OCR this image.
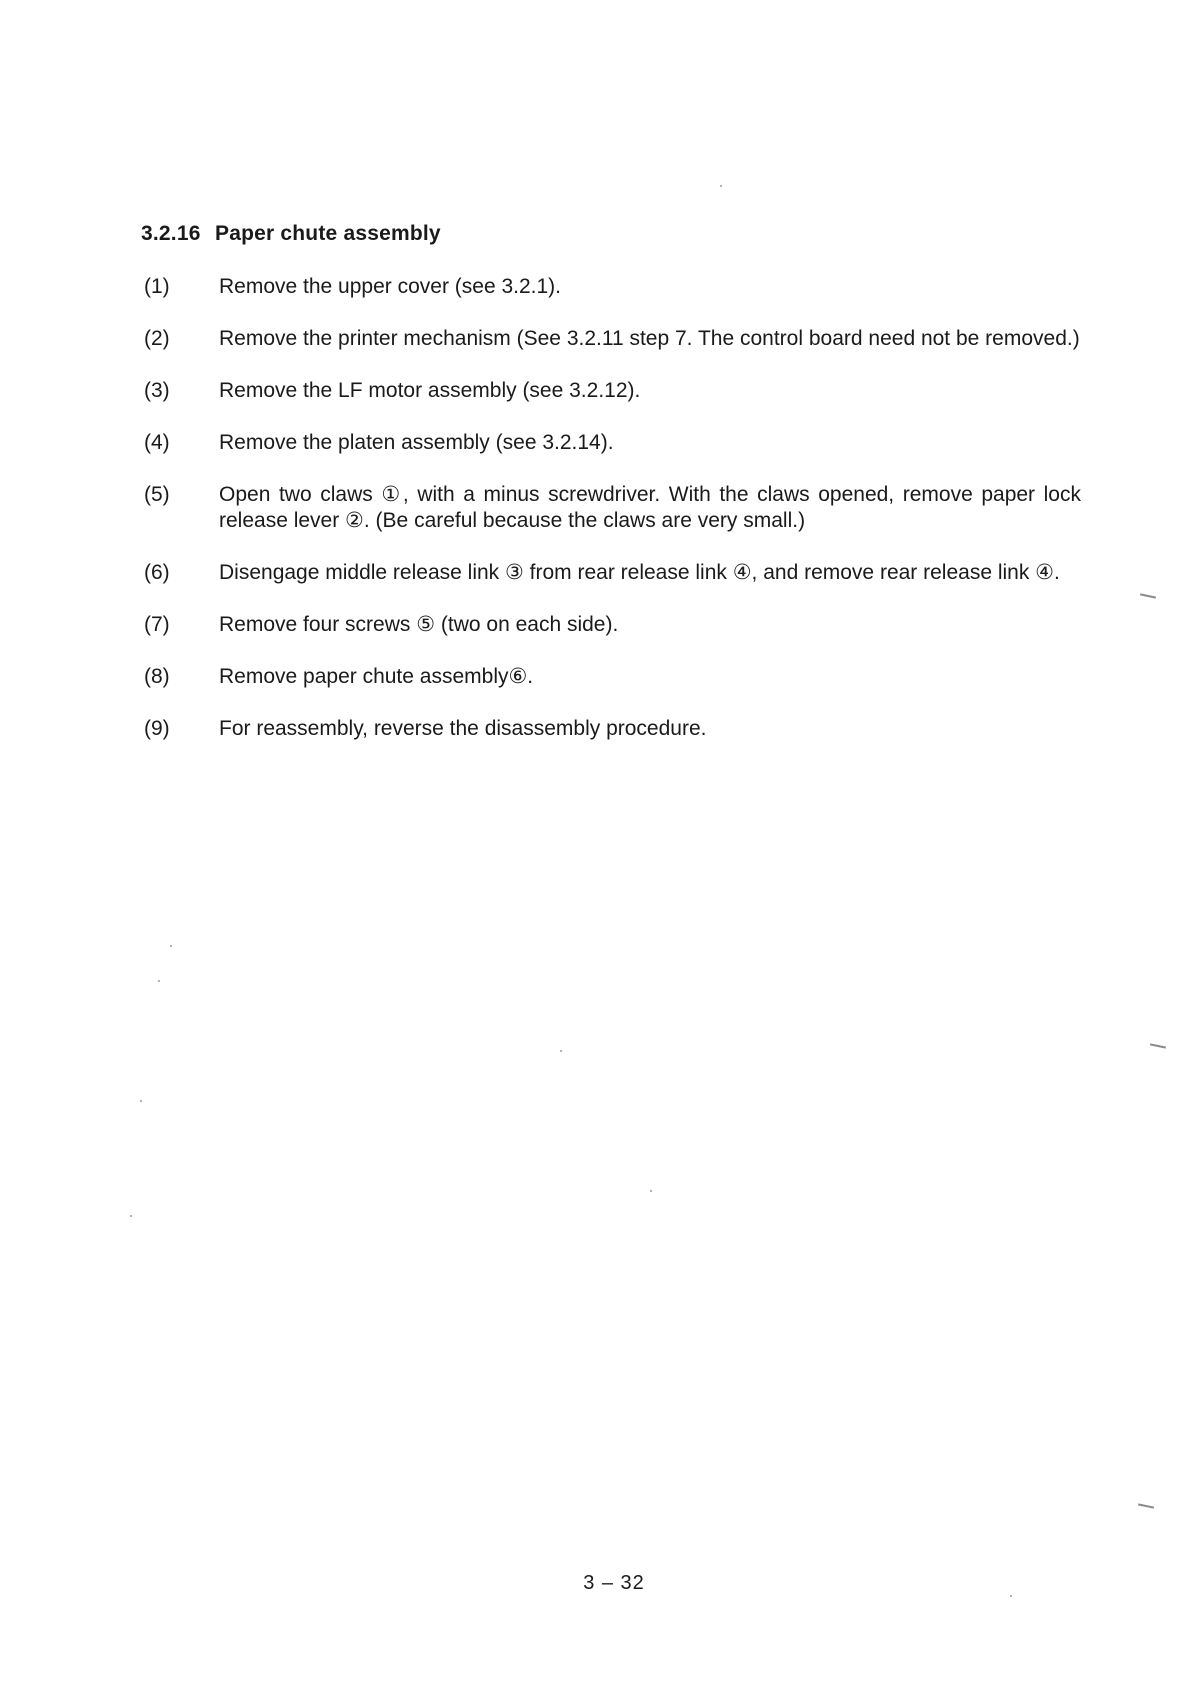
3.2.16 Paper chute assembly
(1)	Remove the upper cover (see 3.2.1).
(2)	Remove the printer mechanism (See 3.2.11 step 7. The control board need not be removed.)
(3)	Remove the LF motor assembly (see 3.2.12).
(4)	Remove the platen assembly (see 3.2.14).
(5)	Open two claws ①, with a minus screwdriver. With the claws opened, remove paper lock release lever ②. (Be careful because the claws are very small.)
(6)	Disengage middle release link ③ from rear release link ④, and remove rear release link ④.
(7)	Remove four screws ⑤ (two on each side).
(8)	Remove paper chute assembly⑥.
(9)	For reassembly, reverse the disassembly procedure.
3 – 32
